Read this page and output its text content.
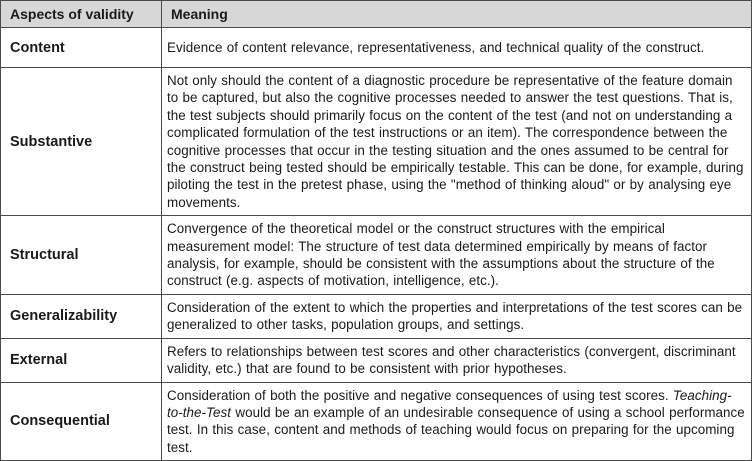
Aspects of validity	Meaning
Content	Evidence of content relevance, representativeness, and technical quality of the construct.
Substantive	Not only should the content of a diagnostic procedure be representative of the feature domain to be captured, but also the cognitive processes needed to answer the test questions. That is, the test subjects should primarily focus on the content of the test (and not on understanding a complicated formulation of the test instructions or an item). The correspondence between the cognitive processes that occur in the testing situation and the ones assumed to be central for the construct being tested should be empirically testable. This can be done, for example, during piloting the test in the pretest phase, using the "method of thinking aloud" or by analysing eye movements.
Structural	Convergence of the theoretical model or the construct structures with the empirical measurement model: The structure of test data determined empirically by means of factor analysis, for example, should be consistent with the assumptions about the structure of the construct (e.g. aspects of motivation, intelligence, etc.).
Generalizability	Consideration of the extent to which the properties and interpretations of the test scores can be generalized to other tasks, population groups, and settings.
External	Refers to relationships between test scores and other characteristics (convergent, discriminant validity, etc.) that are found to be consistent with prior hypotheses.
Consequential	Consideration of both the positive and negative consequences of using test scores. Teaching-to-the-Test would be an example of an undesirable consequence of using a school performance test. In this case, content and methods of teaching would focus on preparing for the upcoming test.
